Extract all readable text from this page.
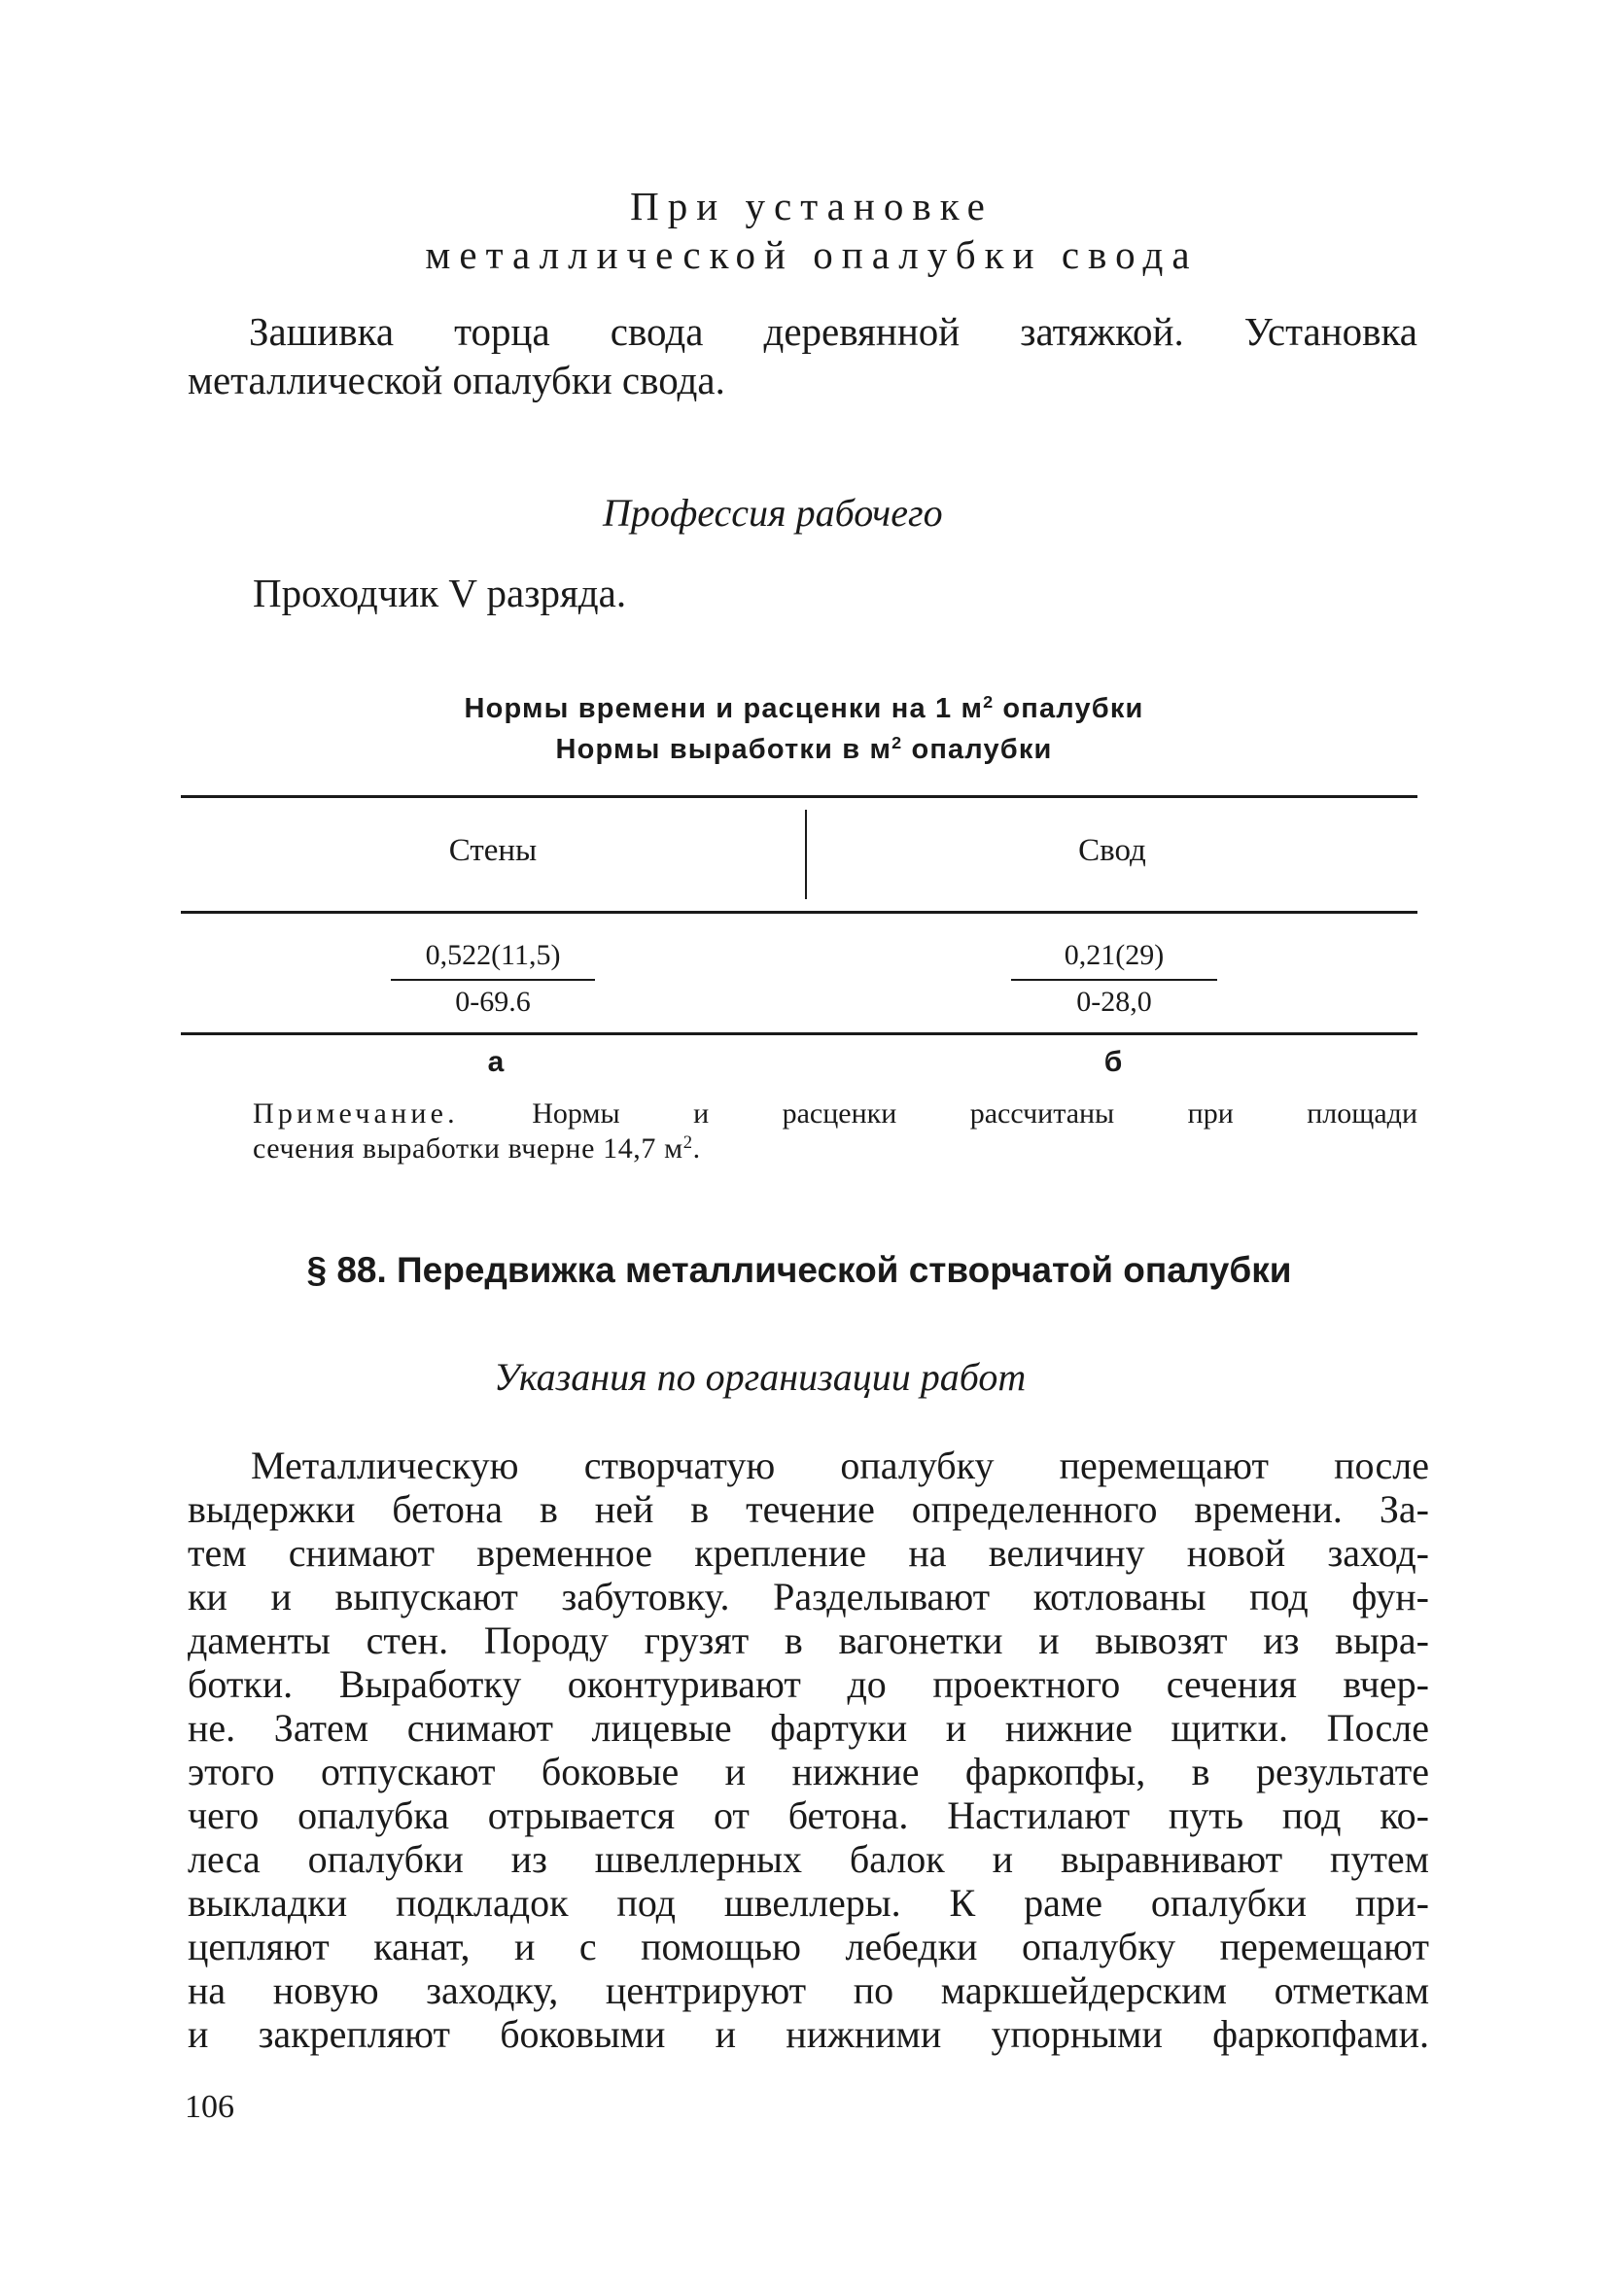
При установке
металлической опалубки свода
Зашивка торца свода деревянной затяжкой. Установка
металлической опалубки свода.
Профессия рабочего
Проходчик V разряда.
Нормы времени и расценки на 1 $м^2$ опалубки
Нормы выработки в $м^2$ опалубки
Стены	Свод
0,522(11,5)
0-69.6
0,21(29)
0-28,0
а	б
Примечание. Нормы и расценки рассчитаны при площади
сечения выработки вчерне 14,7 $м^2$.
§ 88. Передвижка металлической створчатой опалубки
Указания по организации работ
Металлическую створчатую опалубку перемещают после
выдержки бетона в ней в течение определенного времени. За-
тем снимают временное крепление на величину новой заход-
ки и выпускают забутовку. Разделывают котлованы под фун-
даменты стен. Породу грузят в вагонетки и вывозят из выра-
ботки. Выработку оконтуривают до проектного сечения вчер-
не. Затем снимают лицевые фартуки и нижние щитки. После
этого отпускают боковые и нижние фаркопфы, в результате
чего опалубка отрывается от бетона. Настилают путь под ко-
леса опалубки из швеллерных балок и выравнивают путем
выкладки подкладок под швеллеры. К раме опалубки при-
цепляют канат, и с помощью лебедки опалубку перемещают
на новую заходку, центрируют по маркшейдерским отметкам
и закрепляют боковыми и нижними упорными фаркопфами.
106
